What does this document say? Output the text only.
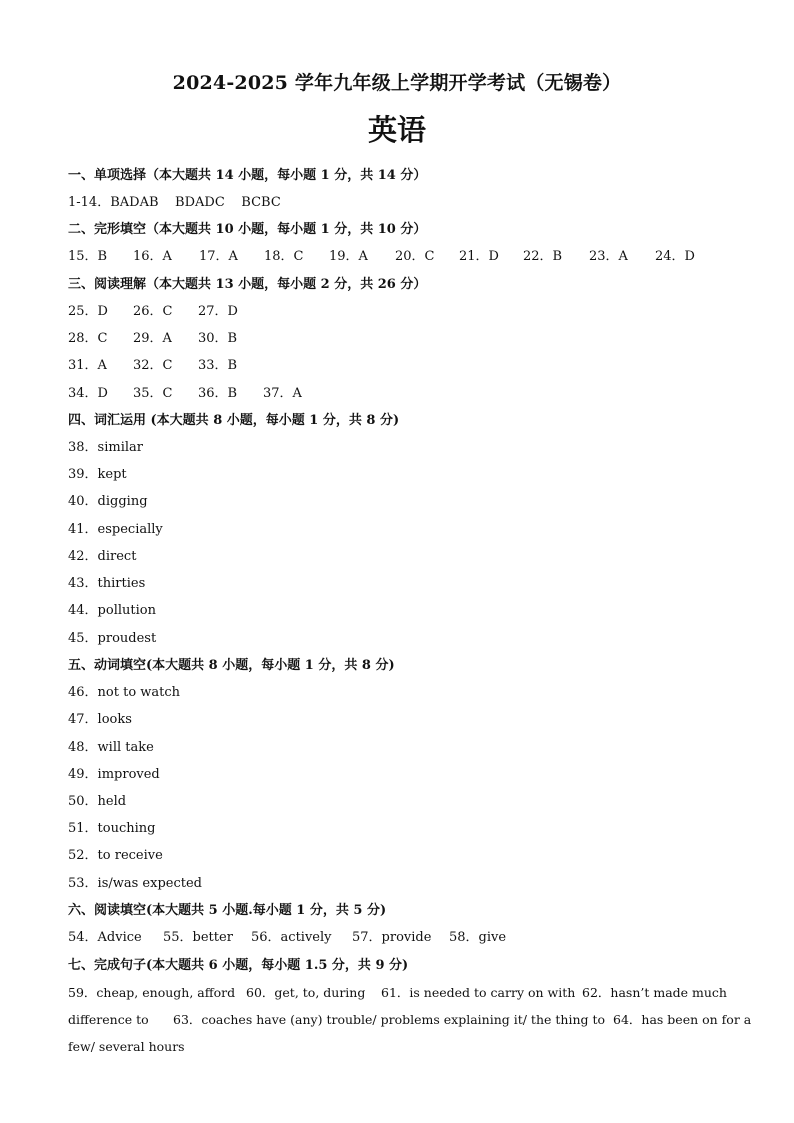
2024-2025 学年九年级上学期开学考试（无锡卷）
英语
一、单项选择（本大题共 14 小题，每小题 1 分，共 14 分）
1-14．BADAB    BDADC    BCBC
二、完形填空（本大题共 10 小题，每小题 1 分，共 10 分）
15．B 16．A 17．A 18．C 19．A 20．C 21．D 22．B 23．A 24．D
三、阅读理解（本大题共 13 小题，每小题 2 分，共 26 分）
25．D 26．C 27．D
28．C 29．A 30．B
31．A 32．C 33．B
34．D 35．C 36．B 37．A
四、词汇运用 (本大题共 8 小题，每小题 1 分，共 8 分)
38．similar
39．kept
40．digging
41．especially
42．direct
43．thirties
44．pollution
45．proudest
五、动词填空(本大题共 8 小题，每小题 1 分，共 8 分)
46．not to watch
47．looks
48．will take
49．improved
50．held
51．touching
52．to receive
53．is/was expected
六、阅读填空(本大题共 5 小题.每小题 1 分，共 5 分)
54．Advice 55．better 56．actively 57．provide 58．give
七、完成句子(本大题共 6 小题，每小题 1.5 分，共 9 分)
59．cheap, enough, afford 60．get, to, during 61．is needed to carry on with 62．hasn’t made much
difference to 63．coaches have (any) trouble/ problems explaining it/ the thing to 64．has been on for a
few/ several hours
